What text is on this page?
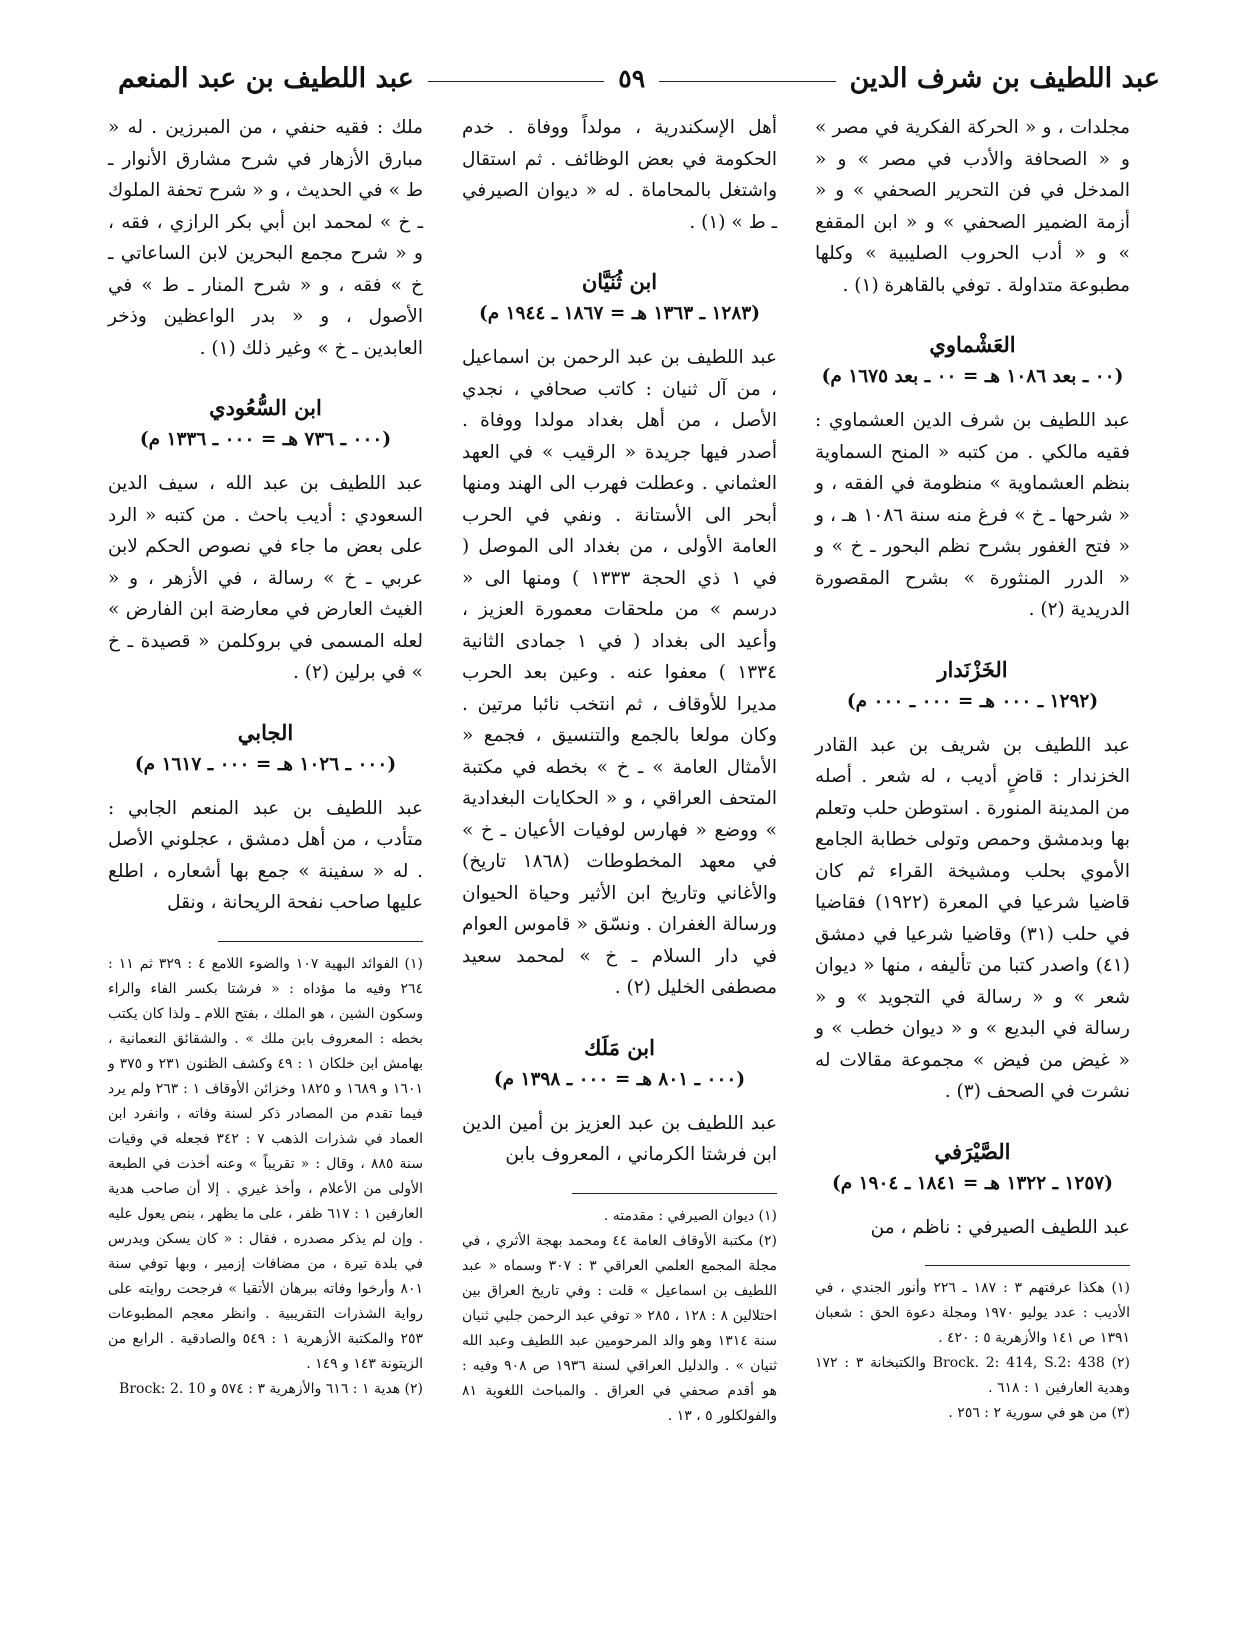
عبد اللطيف بن شرف الدين
٥٩
عبد اللطيف بن عبد المنعم

مجلدات ، و « الحركة الفكرية في مصر » و « الصحافة والأدب في مصر » و « المدخل في فن التحرير الصحفي » و « أزمة الضمير الصحفي » و « ابن المقفع » و « أدب الحروب الصليبية » وكلها مطبوعة متداولة . توفي بالقاهرة (١) .

العَشْماوي

(٠٠ ـ بعد ١٠٨٦ هـ = ٠٠ ـ بعد ١٦٧٥ م)

عبد اللطيف بن شرف الدين العشماوي : فقيه مالكي . من كتبه « المنح السماوية بنظم العشماوية » منظومة في الفقه ، و « شرحها ـ خ » فرغ منه سنة ١٠٨٦ هـ ، و « فتح الغفور بشرح نظم البحور ـ خ » و « الدرر المنثورة » بشرح المقصورة الدريدية (٢) .

الخَزْنَدار

(١٢٩٢ ـ ٠٠٠ هـ = ٠٠٠ ـ ٠٠٠ م)

عبد اللطيف بن شريف بن عبد القادر الخزندار : قاضٍ أديب ، له شعر . أصله من المدينة المنورة . استوطن حلب وتعلم بها وبدمشق وحمص وتولى خطابة الجامع الأموي بحلب ومشيخة القراء ثم كان قاضيا شرعيا في المعرة (١٩٢٢) فقاضيا في حلب (٣١) وقاضيا شرعيا في دمشق (٤١) واصدر كتبا من تأليفه ، منها « ديوان شعر » و « رسالة في التجويد » و « رسالة في البديع » و « ديوان خطب » و « غيض من فيض » مجموعة مقالات له نشرت في الصحف (٣) .

الصَّيْرَفي

(١٢٥٧ ـ ١٣٢٢ هـ = ١٨٤١ ـ ١٩٠٤ م)

عبد اللطيف الصيرفي : ناظم ، من

(١) هكذا عرفتهم ٣ : ١٨٧ ـ ٢٢٦ وأنور الجندي ، في الأديب : عدد يوليو ١٩٧٠ ومجلة دعوة الحق : شعبان ١٣٩١ ص ١٤١ والأزهرية ٥ : ٤٢٠ .

(٢) Brock. 2: 414, S.2: 438 والكتبخانة ٣ : ١٧٢ وهدية العارفين ١ : ٦١٨ .

(٣) من هو في سورية ٢ : ٢٥٦ .

أهل الإسكندرية ، مولداً ووفاة . خدم الحكومة في بعض الوظائف . ثم استقال واشتغل بالمحاماة . له « ديوان الصيرفي ـ ط » (١) .

ابن ثُنَيَّان

(١٢٨٣ ـ ١٣٦٣ هـ = ١٨٦٧ ـ ١٩٤٤ م)

عبد اللطيف بن عبد الرحمن بن اسماعيل ، من آل ثنيان : كاتب صحافي ، نجدي الأصل ، من أهل بغداد مولدا ووفاة . أصدر فيها جريدة « الرقيب » في العهد العثماني . وعطلت فهرب الى الهند ومنها أبحر الى الأستانة . ونفي في الحرب العامة الأولى ، من بغداد الى الموصل ( في ١ ذي الحجة ١٣٣٣ ) ومنها الى « درسم » من ملحقات معمورة العزيز ، وأعيد الى بغداد ( في ١ جمادى الثانية ١٣٣٤ ) معفوا عنه . وعين بعد الحرب مديرا للأوقاف ، ثم انتخب نائبا مرتين . وكان مولعا بالجمع والتنسيق ، فجمع « الأمثال العامة » ـ خ » بخطه في مكتبة المتحف العراقي ، و « الحكايات البغدادية » ووضع « فهارس لوفيات الأعيان ـ خ » في معهد المخطوطات (١٨٦٨ تاريخ) والأغاني وتاريخ ابن الأثير وحياة الحيوان ورسالة الغفران . ونسّق « قاموس العوام في دار السلام ـ خ » لمحمد سعيد مصطفى الخليل (٢) .

ابن مَلَك

(٠٠٠ ـ ٨٠١ هـ = ٠٠٠ ـ ١٣٩٨ م)

عبد اللطيف بن عبد العزيز بن أمين الدين ابن فرشتا الكرماني ، المعروف بابن

(١) ديوان الصيرفي : مقدمته .

(٢) مكتبة الأوقاف العامة ٤٤ ومحمد بهجة الأثري ، في مجلة المجمع العلمي العراقي ٣ : ٣٠٧ وسماه « عبد اللطيف بن اسماعيل » قلت : وفي تاريخ العراق بين احتلالين ٨ : ١٢٨ ، ٢٨٥ « توفي عبد الرحمن جلبي ثنيان سنة ١٣١٤ وهو والد المرحومين عبد اللطيف وعبد الله ثنيان » . والدليل العراقي لسنة ١٩٣٦ ص ٩٠٨ وفيه : هو أقدم صحفي في العراق . والمباحث اللغوية ٨١ والفولكلور ٥ ، ١٣ .

ملك : فقيه حنفي ، من المبرزين . له « مبارق الأزهار في شرح مشارق الأنوار ـ ط » في الحديث ، و « شرح تحفة الملوك ـ خ » لمحمد ابن أبي بكر الرازي ، فقه ، و « شرح مجمع البحرين لابن الساعاتي ـ خ » فقه ، و « شرح المنار ـ ط » في الأصول ، و « بدر الواعظين وذخر العابدين ـ خ » وغير ذلك (١) .

ابن السُّعُودي

(٠٠٠ ـ ٧٣٦ هـ = ٠٠٠ ـ ١٣٣٦ م)

عبد اللطيف بن عبد الله ، سيف الدين السعودي : أديب باحث . من كتبه « الرد على بعض ما جاء في نصوص الحكم لابن عربي ـ خ » رسالة ، في الأزهر ، و « الغيث العارض في معارضة ابن الفارض » لعله المسمى في بروكلمن « قصيدة ـ خ » في برلين (٢) .

الجابي

(٠٠٠ ـ ١٠٢٦ هـ = ٠٠٠ ـ ١٦١٧ م)

عبد اللطيف بن عبد المنعم الجابي : متأدب ، من أهل دمشق ، عجلوني الأصل . له « سفينة » جمع بها أشعاره ، اطلع عليها صاحب نفحة الريحانة ، ونقل

(١) الفوائد البهية ١٠٧ والضوء اللامع ٤ : ٣٢٩ ثم ١١ : ٢٦٤ وفيه ما مؤداه : « فرشتا بكسر الفاء والراء وسكون الشين ، هو الملك ، بفتح اللام ـ ولذا كان يكتب بخطه : المعروف بابن ملك » . والشقائق النعمانية ، بهامش ابن خلكان ١ : ٤٩ وكشف الظنون ٢٣١ و ٣٧٥ و ١٦٠١ و ١٦٨٩ و ١٨٢٥ وخزائن الأوقاف ١ : ٢٦٣ ولم يرد فيما تقدم من المصادر ذكر لسنة وفاته ، وانفرد ابن العماد في شذرات الذهب ٧ : ٣٤٢ فجعله في وفيات سنة ٨٨٥ ، وقال : « تقريباً » وعنه أخذت في الطبعة الأولى من الأعلام ، وأخذ غيري . إلا أن صاحب هدية العارفين ١ : ٦١٧ ظفر ، على ما يظهر ، بنص يعول عليه . وإن لم يذكر مصدره ، فقال : « كان يسكن ويدرس في بلدة تيرة ، من مضافات إزمير ، وبها توفي سنة ٨٠١ وأرخوا وفاته ببرهان الأتقيا » فرجحت روايته على رواية الشذرات التقريبية . وانظر معجم المطبوعات ٢٥٣ والمكتبة الأزهرية ١ : ٥٤٩ والصادقية . الرابع من الزيتونة ١٤٣ و ١٤٩ .

(٢) هدية ١ : ٦١٦ والأزهرية ٣ : ٥٧٤ و Brock: 2. 10
